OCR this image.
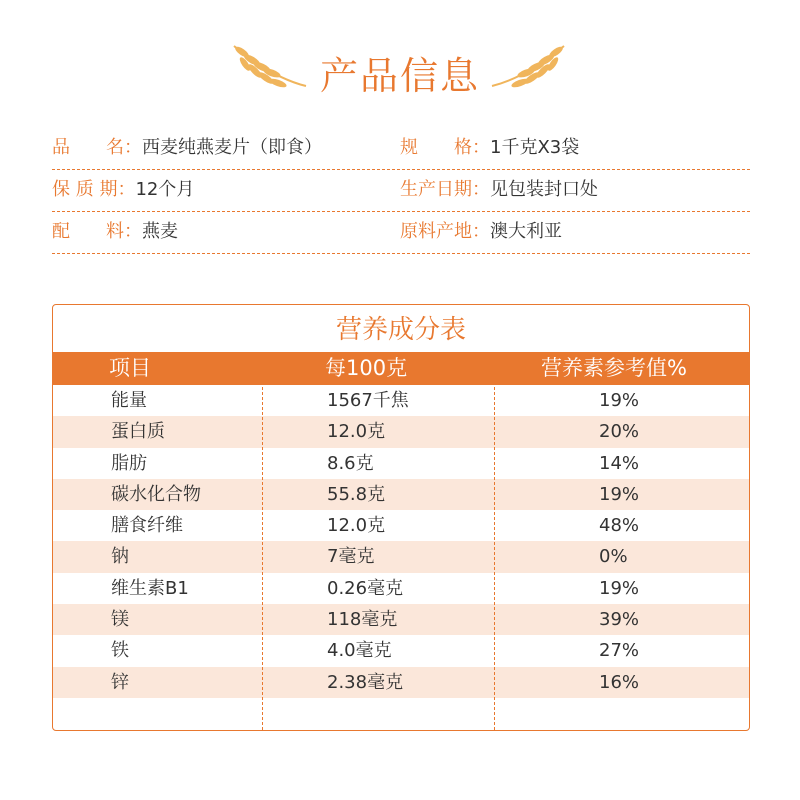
产品信息
品　　名：西麦纯燕麦片（即食）	规　　格：1千克X3袋
保 质 期：12个月	生产日期：见包装封口处
配　　料：燕麦	原料产地：澳大利亚
营养成分表
项目	每100克	营养素参考值%
能量	1567千焦	19%
蛋白质	12.0克	20%
脂肪	8.6克	14%
碳水化合物	55.8克	19%
膳食纤维	12.0克	48%
钠	7毫克	0%
维生素B1	0.26毫克	19%
镁	118毫克	39%
铁	4.0毫克	27%
锌	2.38毫克	16%
